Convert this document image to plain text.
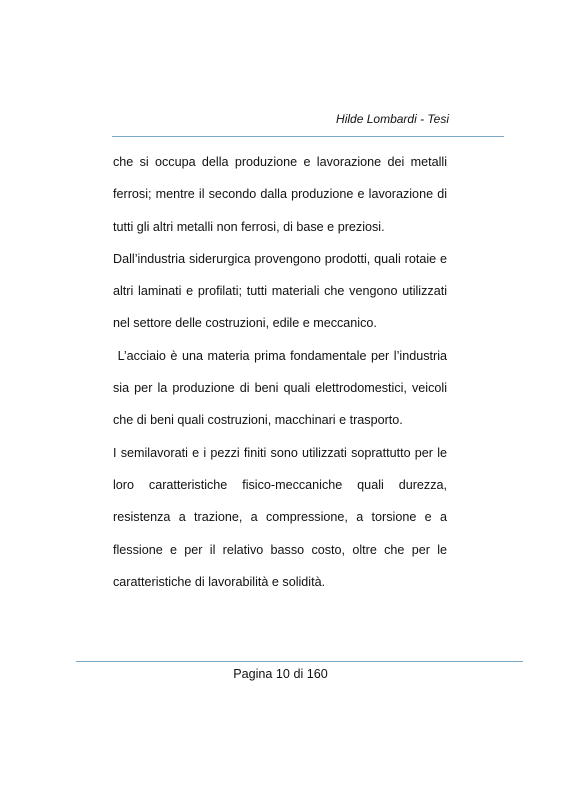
Hilde Lombardi - Tesi

che si occupa della produzione e lavorazione dei metalli ferrosi; mentre il secondo dalla produzione e lavorazione di tutti gli altri metalli non ferrosi, di base e preziosi.

Dall’industria siderurgica provengono prodotti, quali rotaie e altri laminati e profilati; tutti materiali che vengono utilizzati nel settore delle costruzioni, edile e meccanico.

L’acciaio è una materia prima fondamentale per l’industria sia per la produzione di beni quali elettrodomestici, veicoli che di beni quali costruzioni, macchinari e trasporto.

I semilavorati e i pezzi finiti sono utilizzati soprattutto per le loro caratteristiche fisico-meccaniche quali durezza, resistenza a trazione, a compressione, a torsione e a flessione e per il relativo basso costo, oltre che per le caratteristiche di lavorabilità e solidità.

Pagina 10 di 160
